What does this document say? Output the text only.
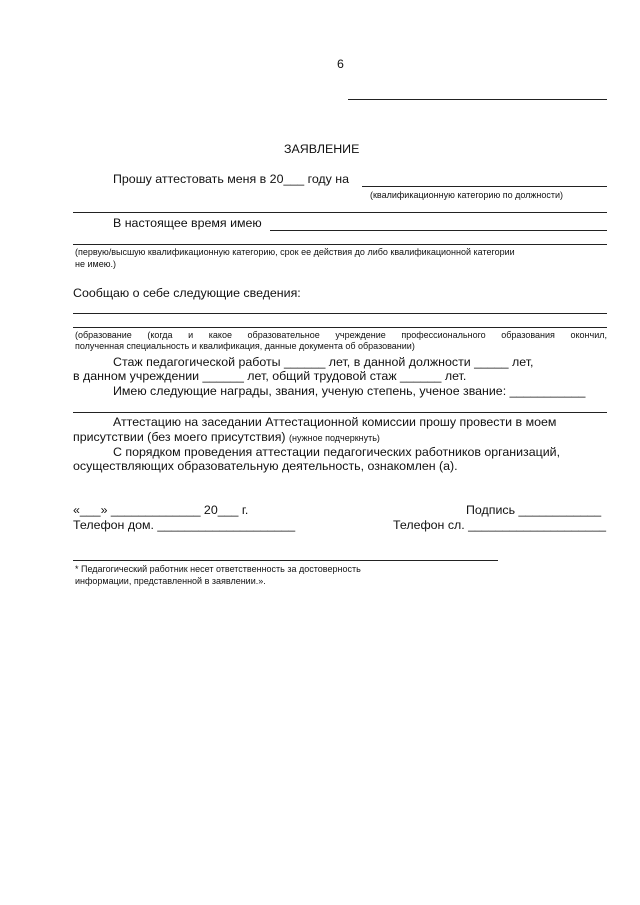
6
ЗАЯВЛЕНИЕ
Прошу аттестовать меня в 20___ году на
(квалификационную категорию по должности)
В настоящее время имею
(первую/высшую квалификационную категорию, срок ее действия до либо квалификационной категории
не имею.)
Сообщаю о себе следующие сведения:
(образование (когда и какое образовательное учреждение профессионального образования окончил,
полученная специальность и квалификация, данные документа об образовании)
Стаж педагогической работы ______ лет, в данной должности _____ лет,
в данном учреждении ______ лет, общий трудовой стаж ______ лет.
Имею следующие награды, звания, ученую степень, ученое звание: ___________
Аттестацию на заседании Аттестационной комиссии прошу провести в моем
присутствии (без моего присутствия) (нужное подчеркнуть)
С порядком проведения аттестации педагогических работников организаций,
осуществляющих образовательную деятельность, ознакомлен (а).
«___» _____________ 20___ г.	Подпись ____________
Телефон дом. ____________________	Телефон сл. ____________________
* Педагогический работник несет ответственность за достоверность
информации, представленной в заявлении.».
